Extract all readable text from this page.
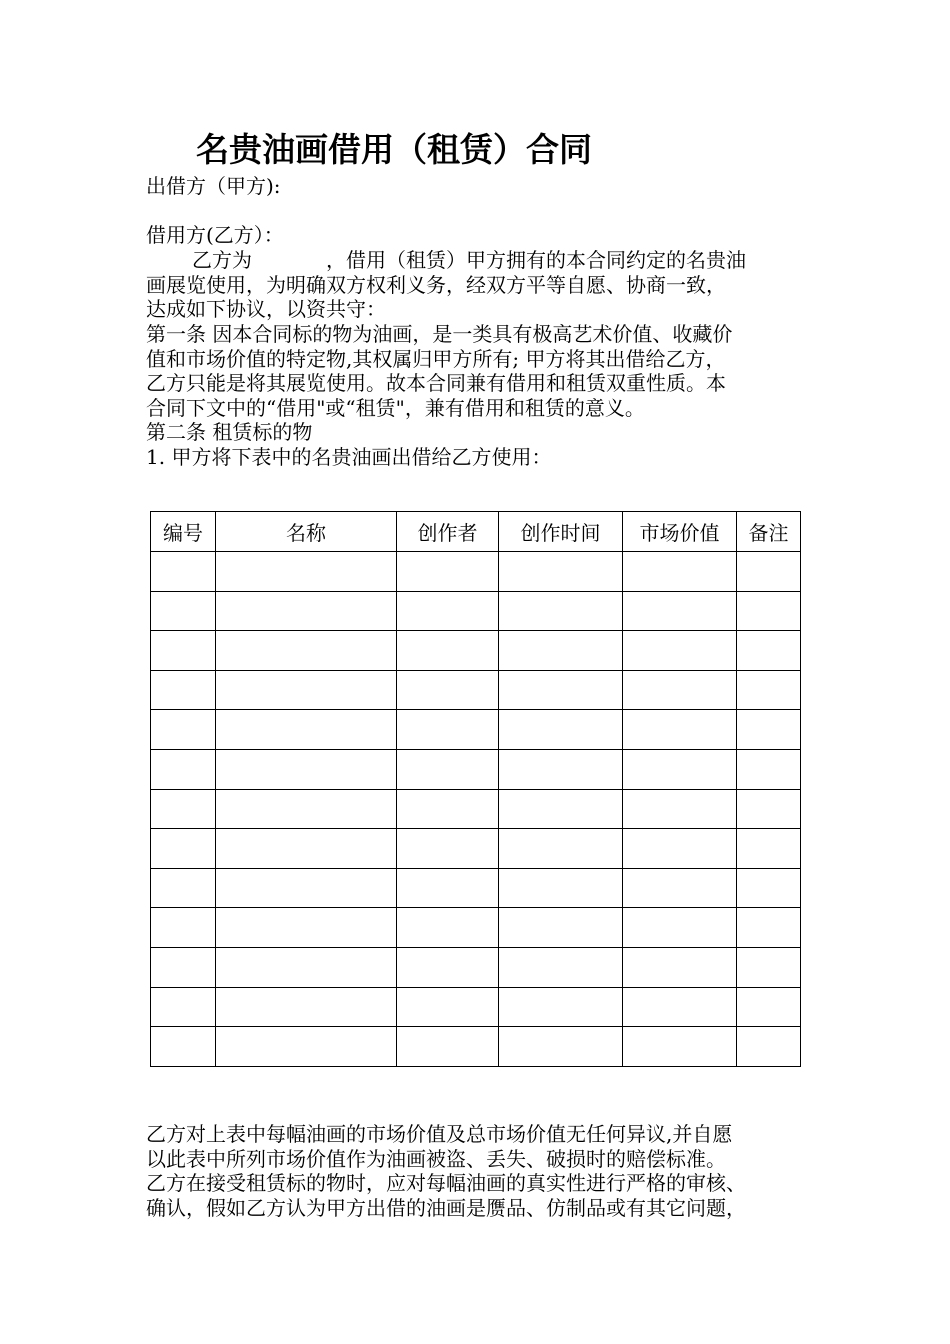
名贵油画借用（租赁）合同
出借方（甲方):
借用方(乙方）：
乙方为	，借用（租赁）甲方拥有的本合同约定的名贵油
画展览使用，为明确双方权利义务，经双方平等自愿、协商一致，
达成如下协议，以资共守：
第一条 因本合同标的物为油画，是一类具有极高艺术价值、收藏价
值和市场价值的特定物,其权属归甲方所有; 甲方将其出借给乙方，
乙方只能是将其展览使用。故本合同兼有借用和租赁双重性质。本
合同下文中的“借用"或“租赁"，兼有借用和租赁的意义。
第二条 租赁标的物
1. 甲方将下表中的名贵油画出借给乙方使用：
编号	名称	创作者	创作时间	市场价值	备注

乙方对上表中每幅油画的市场价值及总市场价值无任何异议,并自愿
以此表中所列市场价值作为油画被盗、丢失、破损时的赔偿标准。
乙方在接受租赁标的物时，应对每幅油画的真实性进行严格的审核、
确认，假如乙方认为甲方出借的油画是赝品、仿制品或有其它问题，
